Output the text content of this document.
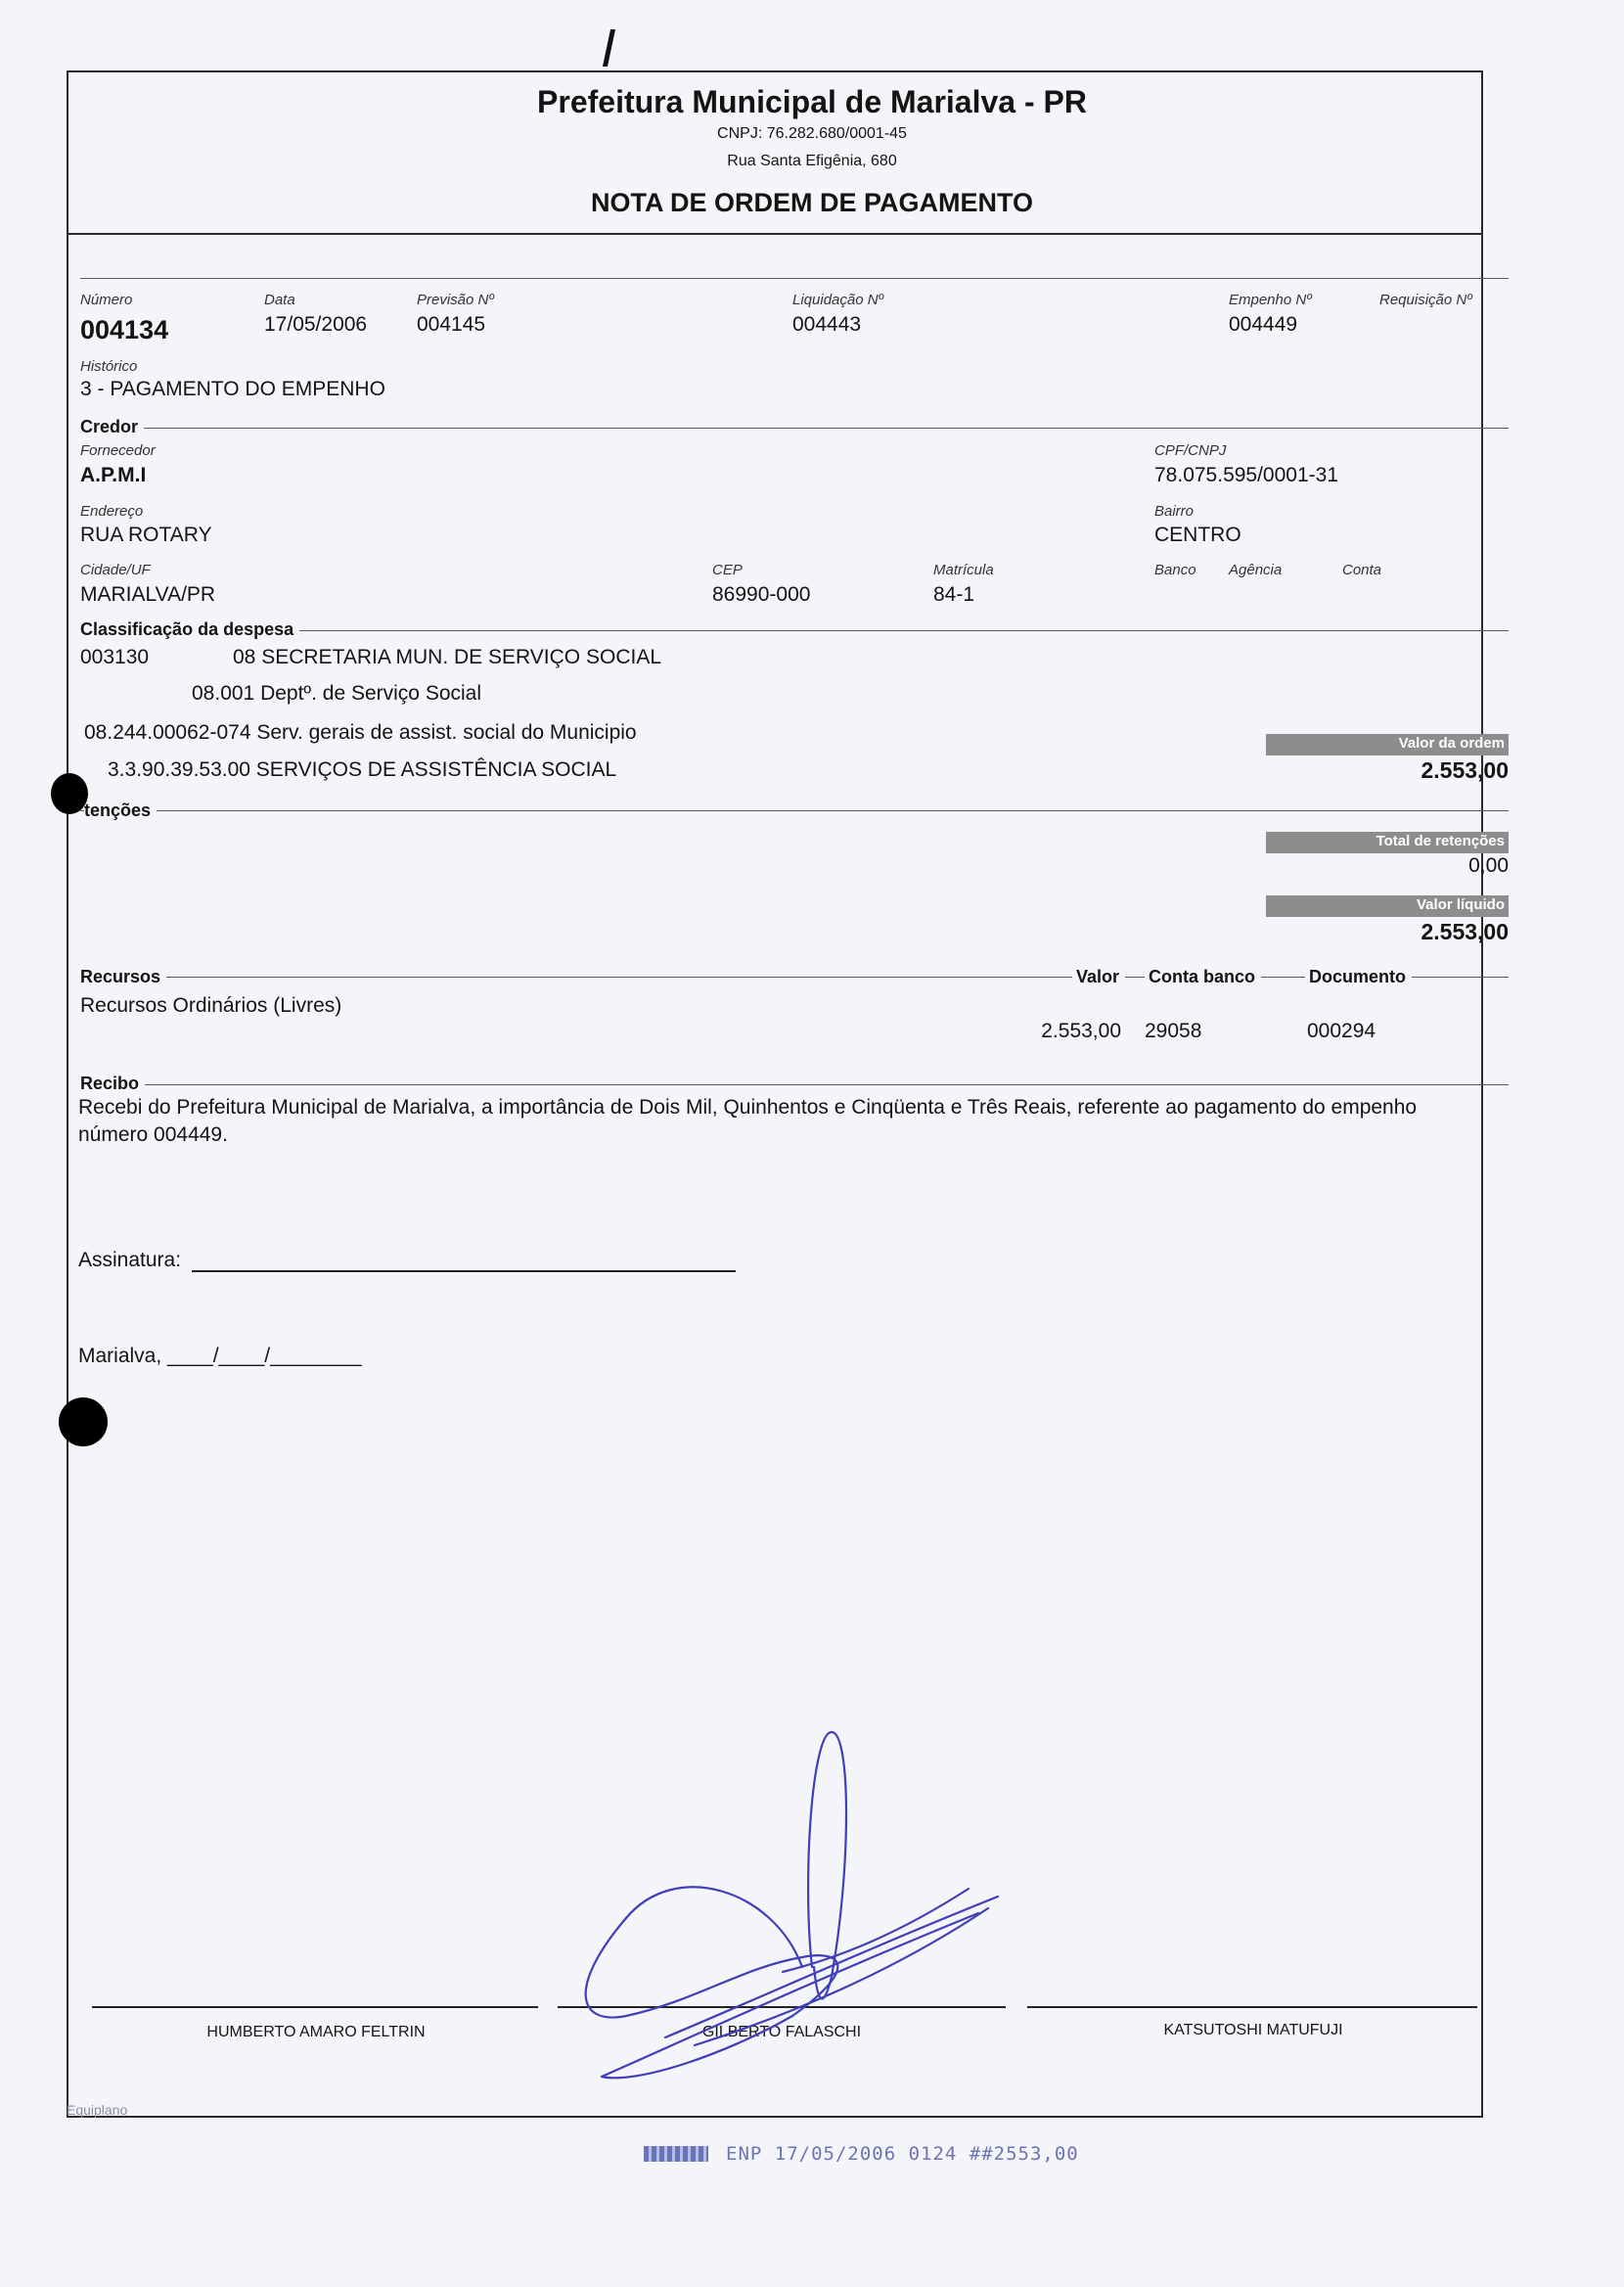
Prefeitura Municipal de Marialva - PR
CNPJ: 76.282.680/0001-45
Rua Santa Efigênia, 680
NOTA DE ORDEM DE PAGAMENTO
Número
004134
Data
17/05/2006
Previsão Nº
004145
Liquidação Nº
004443
Empenho Nº
004449
Requisição Nº
Histórico
3 - PAGAMENTO DO EMPENHO
Credor
Fornecedor
A.P.M.I
CPF/CNPJ
78.075.595/0001-31
Endereço
RUA ROTARY
Bairro
CENTRO
Cidade/UF
MARIALVA/PR
CEP
86990-000
Matrícula
84-1
Banco Agência	Conta
Classificação da despesa
003130	08 SECRETARIA MUN. DE SERVIÇO SOCIAL
08.001 Deptº. de Serviço Social
08.244.00062-074 Serv. gerais de assist. social do Municipio
3.3.90.39.53.00 SERVIÇOS DE ASSISTÊNCIA SOCIAL
Valor da ordem
2.553,00
tenções
Total de retenções
0,00
Valor líquido
2.553,00
Recursos	Valor	Conta banco	Documento
Recursos Ordinários (Livres)
2.553,00 29058	000294
Recibo
Recebi do Prefeitura Municipal de Marialva, a importância de Dois Mil, Quinhentos e Cinqüenta e Três Reais, referente ao pagamento do empenho
número 004449.
Assinatura:
Marialva, ____/____/________
HUMBERTO AMARO FELTRIN	GILBERTO FALASCHI	KATSUTOSHI MATUFUJI
Equiplano
ENP 17/05/2006 0124 ##2553,00
